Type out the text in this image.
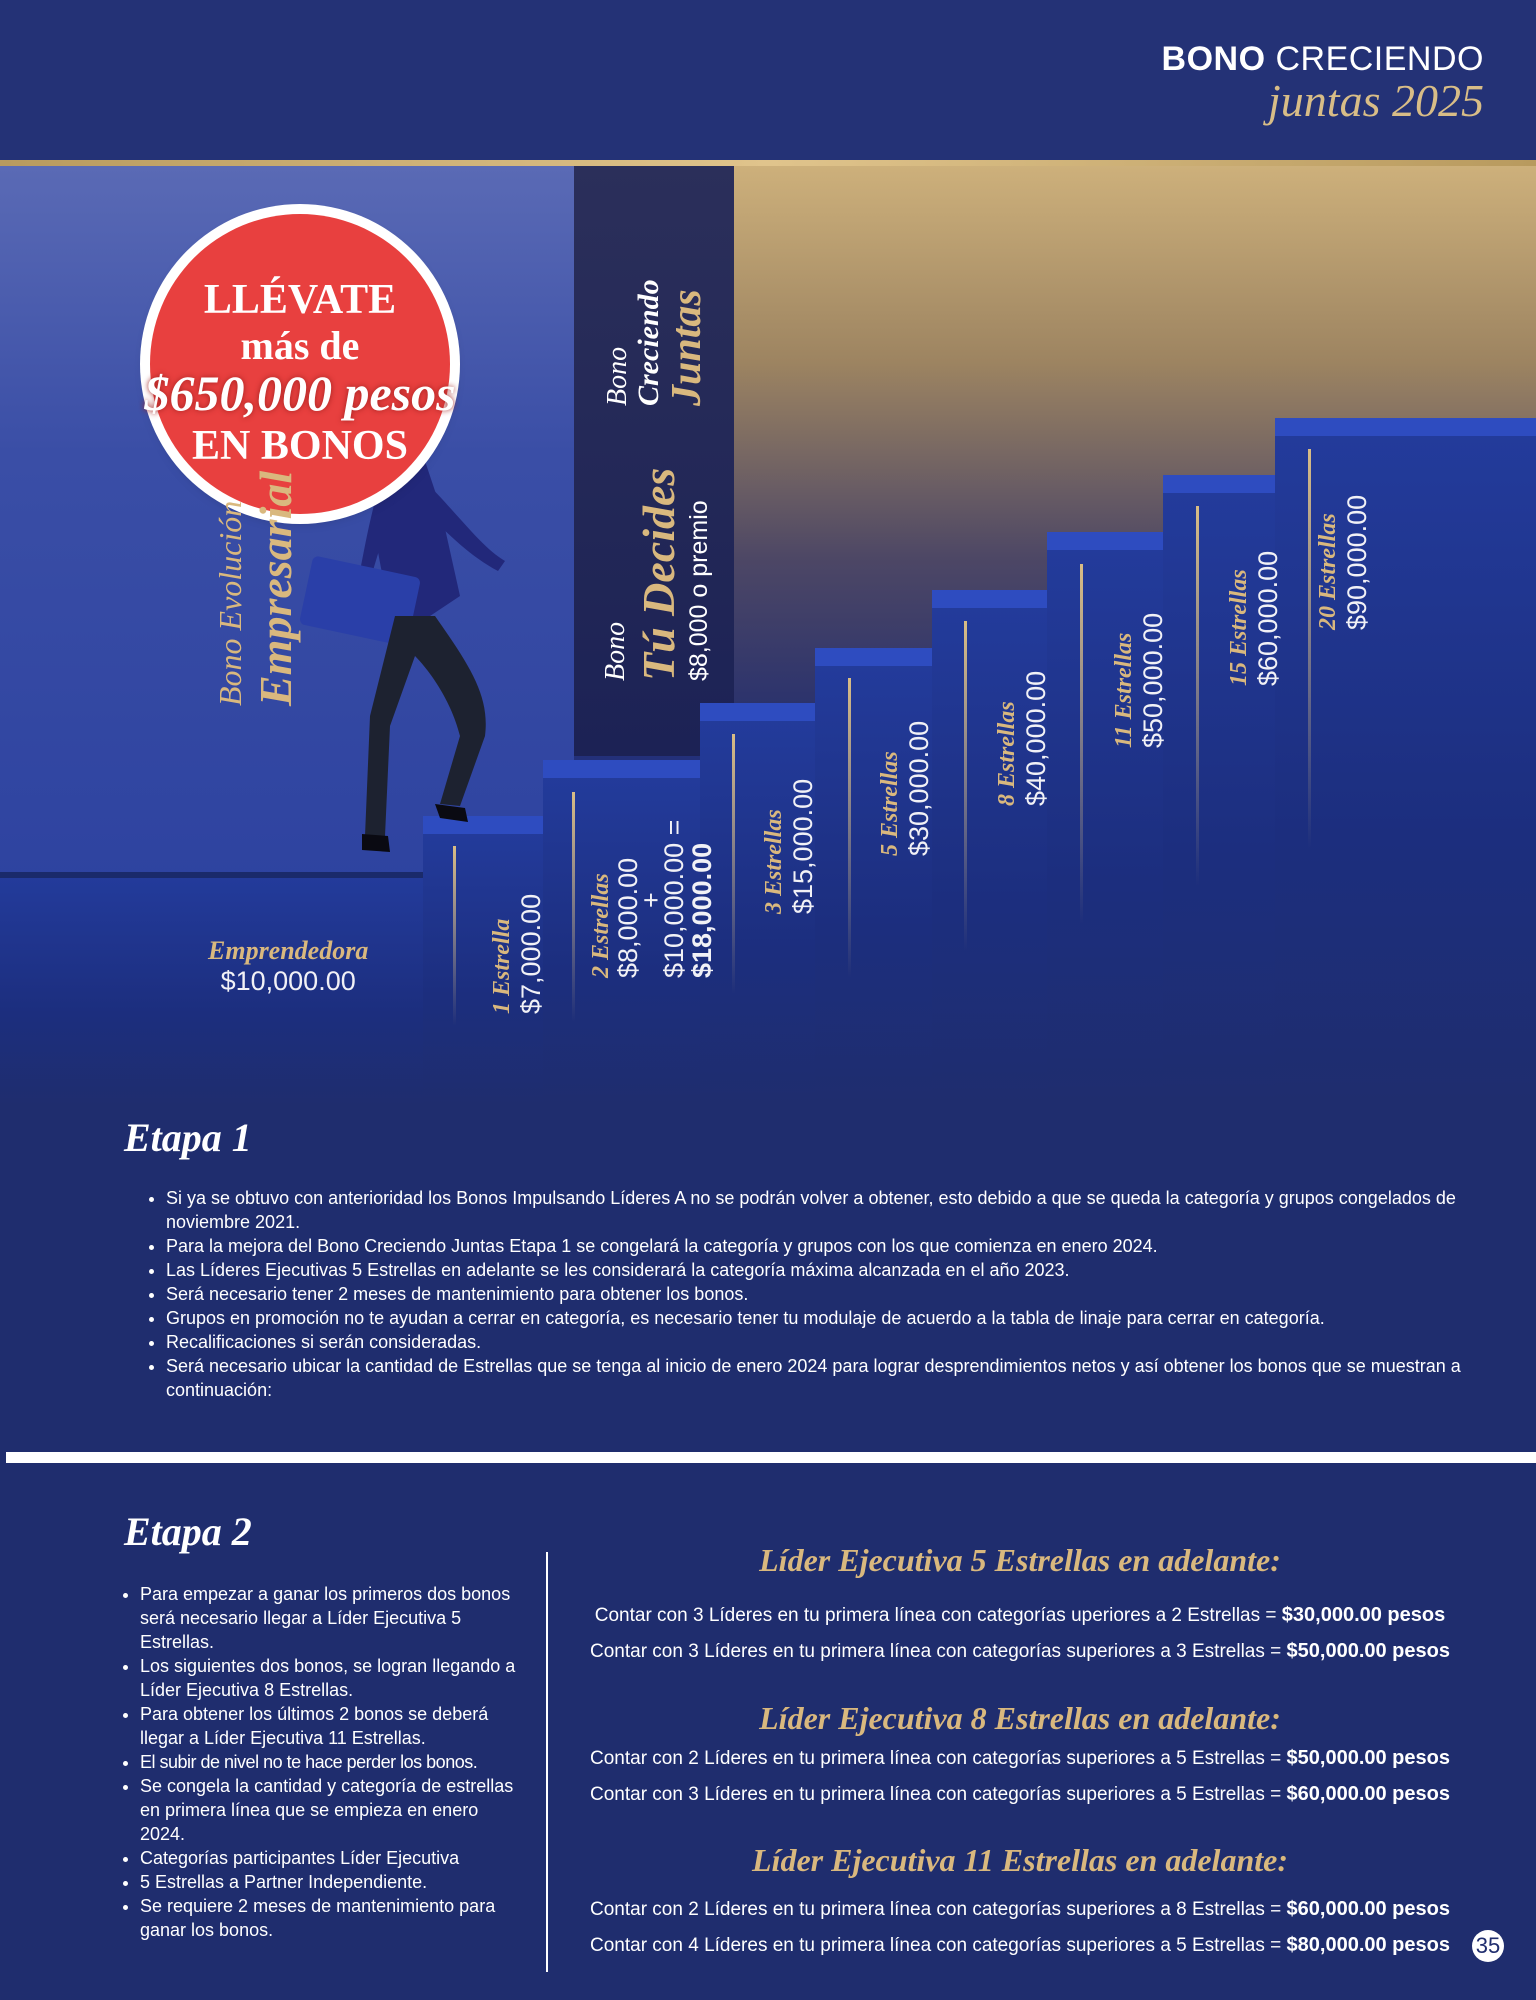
BONO CRECIENDO
juntas 2025
LLÉVATE
más de
$650,000 pesos
EN BONOS
Bono Evolución Empresarial	Bono Tú Decides $8,000 o premio
Bono Creciendo Juntas
Emprendedora
$10,000.00	1 Estrella $7,000.00 2 Estrellas $8,000.00
+
$10,000.00 =
$18,000.00 3 Estrellas $15,000.00 5 Estrellas $30,000.00	8 Estrellas $40,000.00	11 Estrellas $50,000.00 15 Estrellas $60,000.00 20 Estrellas $90,000.00
Etapa 1
• Si ya se obtuvo con anterioridad los Bonos Impulsando Líderes A no se podrán volver a obtener, esto debido a que se queda la categoría y grupos congelados de noviembre 2021.
• Para la mejora del Bono Creciendo Juntas Etapa 1 se congelará la categoría y grupos con los que comienza en enero 2024.
• Las Líderes Ejecutivas 5 Estrellas en adelante se les considerará la categoría máxima alcanzada en el año 2023.
• Será necesario tener 2 meses de mantenimiento para obtener los bonos.
• Grupos en promoción no te ayudan a cerrar en categoría, es necesario tener tu modulaje de acuerdo a la tabla de linaje para cerrar en categoría.
• Recalificaciones si serán consideradas.
• Será necesario ubicar la cantidad de Estrellas que se tenga al inicio de enero 2024 para lograr desprendimientos netos y así obtener los bonos que se muestran a continuación:
Etapa 2
• Para empezar a ganar los primeros dos bonos será necesario llegar a Líder Ejecutiva 5 Estrellas.
• Los siguientes dos bonos, se logran llegando a Líder Ejecutiva 8 Estrellas.
• Para obtener los últimos 2 bonos se deberá llegar a Líder Ejecutiva 11 Estrellas.
• El subir de nivel no te hace perder los bonos.
• Se congela la cantidad y categoría de estrellas en primera línea que se empieza en enero 2024.
• Categorías participantes Líder Ejecutiva
• 5 Estrellas a Partner Independiente.
• Se requiere 2 meses de mantenimiento para ganar los bonos.
Líder Ejecutiva 5 Estrellas en adelante:
Contar con 3 Líderes en tu primera línea con categorías uperiores a 2 Estrellas = $30,000.00 pesos
Contar con 3 Líderes en tu primera línea con categorías superiores a 3 Estrellas = $50,000.00 pesos
Líder Ejecutiva 8 Estrellas en adelante:
Contar con 2 Líderes en tu primera línea con categorías superiores a 5 Estrellas = $50,000.00 pesos
Contar con 3 Líderes en tu primera línea con categorías superiores a 5 Estrellas = $60,000.00 pesos
Líder Ejecutiva 11 Estrellas en adelante:
Contar con 2 Líderes en tu primera línea con categorías superiores a 8 Estrellas = $60,000.00 pesos
Contar con 4 Líderes en tu primera línea con categorías superiores a 5 Estrellas = $80,000.00 pesos	35
